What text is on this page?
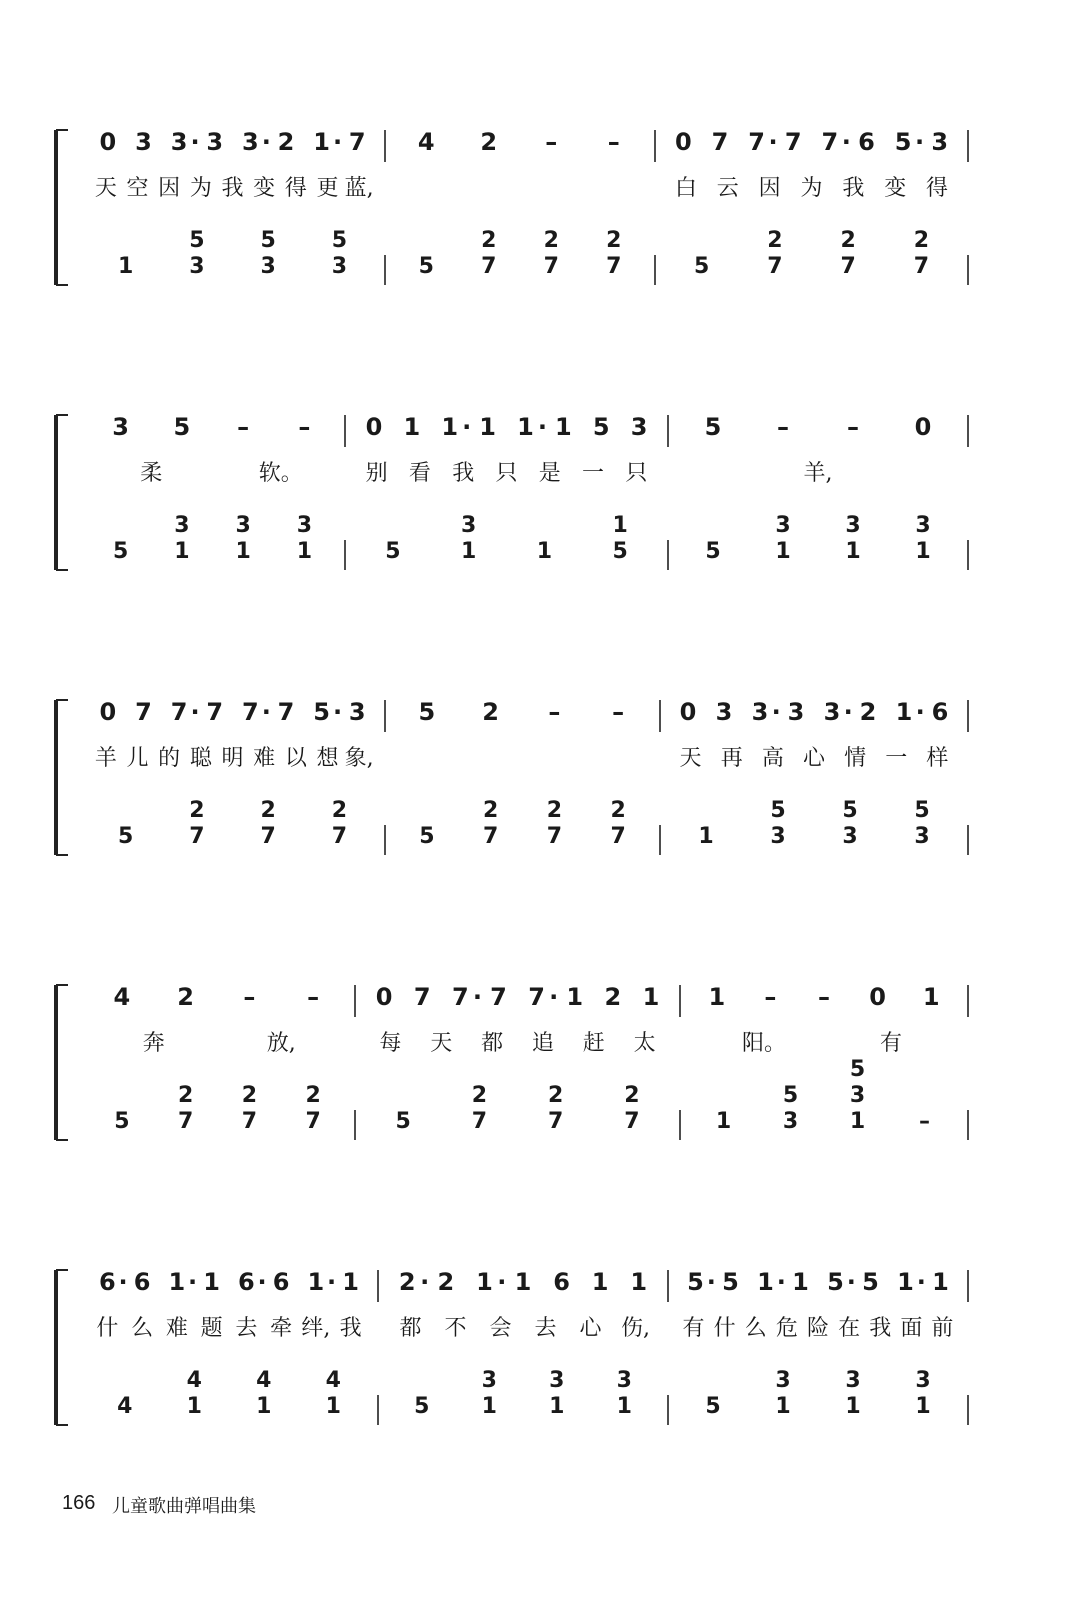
0 3 3 · 3 3 · 2 1 · 7
天 空 因 为 我 变 得 更 蓝,
1
5
3
5
3
5
3
4 2	–	–
5
2
7
2
7
2
7
0 7 7 · 7 7 · 6 5 · 3
白 云 因 为 我 变 得
5
2
7
2
7
2
7
3 5	–	–
柔	软。
5
3
1
3
1
3
1
0 1 1 · 1 1 · 1 5 3
别 看 我 只 是 一 只
5
3
1	1
1
5
5	–	–	0
羊,
5
3
1
3
1
3
1
0 7 7 · 7 7 · 7 5 · 3
羊 儿 的 聪 明 难 以 想 象,
5
2
7
2
7
2
7
5 2	–	–
5
2
7
2
7
2
7
0 3 3 · 3 3 · 2 1 · 6
天 再 高 心 情 一 样
1
5
3
5
3
5
3
4 2	–	–
奔	放,
5
2
7
2
7
2
7
0 7 7 · 7 7 · 1 2 1
每 天 都 追 赶 太
5
2
7
2
7
2
7
1	–	–	0 1
阳。	有
1
5
3
5
3
1	–
6 · 6 1 · 1 6 · 6 1 · 1
什 么 难 题 去 牵 绊, 我
4
4
1
4
1
4
1
2 · 2 1 · 1 6 1 1
都 不 会 去 心 伤,
5
3
1
3
1
3
1
5 · 5 1 · 1 5 · 5 1 · 1
有 什 么 危 险 在 我 面 前
5
3
1
3
1
3
1
166 儿童歌曲弹唱曲集
